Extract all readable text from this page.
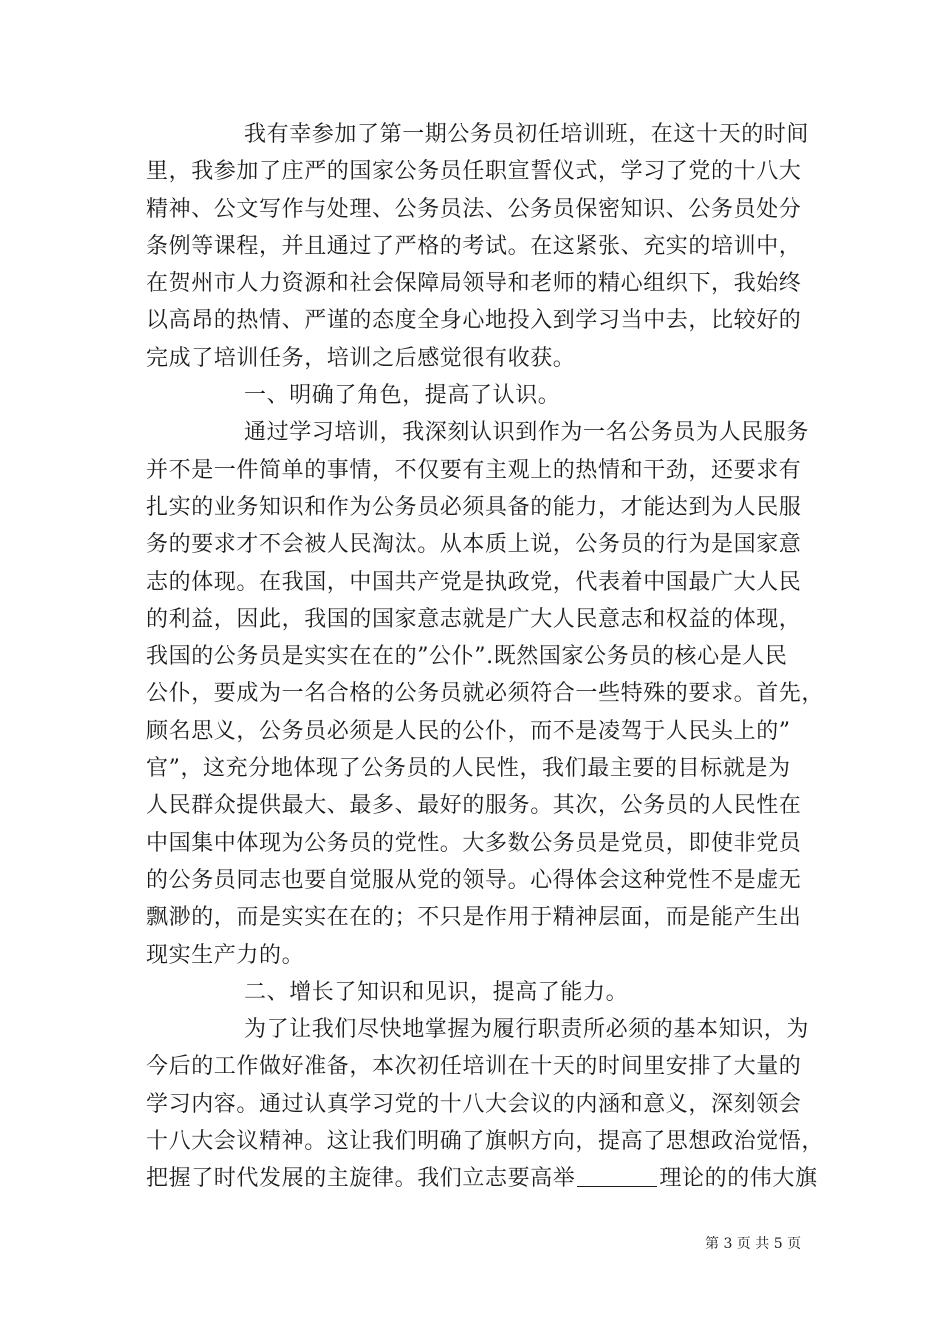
我有幸参加了第一期公务员初任培训班，在这十天的时间
里，我参加了庄严的国家公务员任职宣誓仪式，学习了党的十八大
精神、公文写作与处理、公务员法、公务员保密知识、公务员处分
条例等课程，并且通过了严格的考试。在这紧张、充实的培训中，
在贺州市人力资源和社会保障局领导和老师的精心组织下，我始终
以高昂的热情、严谨的态度全身心地投入到学习当中去，比较好的
完成了培训任务，培训之后感觉很有收获。
一、明确了角色，提高了认识。
通过学习培训，我深刻认识到作为一名公务员为人民服务
并不是一件简单的事情，不仅要有主观上的热情和干劲，还要求有
扎实的业务知识和作为公务员必须具备的能力，才能达到为人民服
务的要求才不会被人民淘汰。从本质上说，公务员的行为是国家意
志的体现。在我国，中国共产党是执政党，代表着中国最广大人民
的利益，因此，我国的国家意志就是广大人民意志和权益的体现，
我国的公务员是实实在在的”公仆”.既然国家公务员的核心是人民
公仆，要成为一名合格的公务员就必须符合一些特殊的要求。首先，
顾名思义，公务员必须是人民的公仆，而不是凌驾于人民头上的”
官”，这充分地体现了公务员的人民性，我们最主要的目标就是为
人民群众提供最大、最多、最好的服务。其次，公务员的人民性在
中国集中体现为公务员的党性。大多数公务员是党员，即使非党员
的公务员同志也要自觉服从党的领导。心得体会这种党性不是虚无
飘渺的，而是实实在在的；不只是作用于精神层面，而是能产生出
现实生产力的。
二、增长了知识和见识，提高了能力。
为了让我们尽快地掌握为履行职责所必须的基本知识，为
今后的工作做好准备，本次初任培训在十天的时间里安排了大量的
学习内容。通过认真学习党的十八大会议的内涵和意义，深刻领会
十八大会议精神。这让我们明确了旗帜方向，提高了思想政治觉悟，
把握了时代发展的主旋律。我们立志要高举	理论的的伟大旗
第 3 页 共 5 页
